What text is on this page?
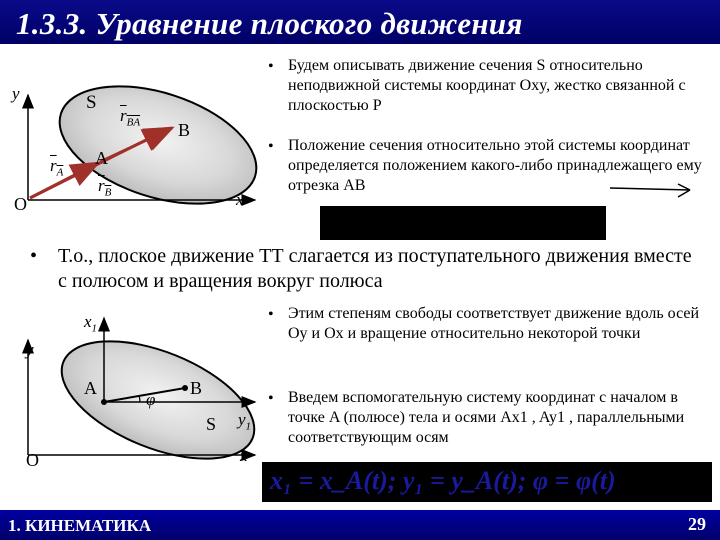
1.3.3. Уравнение плоского движения
y
x
O
S
A
B
$r_{BA}$
$r_A$
$r_B$
• Будем описывать движение сечения S относительно неподвижной системы координат Oxy, жестко связанной с плоскостью P
• Положение сечения относительно этой системы координат определяется положением какого-либо принадлежащего ему отрезка AB
• Т.о., плоское движение ТТ слагается из поступательного движения вместе с полюсом и вращения вокруг полюса
$x_1$
y
A
φ
B
S $y_1$
O	x
• Этим степеням свободы соответствует движение вдоль осей Oy и Ox и вращение относительно некоторой точки
• Введем вспомогательную систему координат с началом в точке A (полюсе) тела и осями Ax1 , Ay1 , параллельными соответствующим осям
x₁ = x_A(t); y₁ = y_A(t); φ = φ(t)
1. КИНЕМАТИКА	29
